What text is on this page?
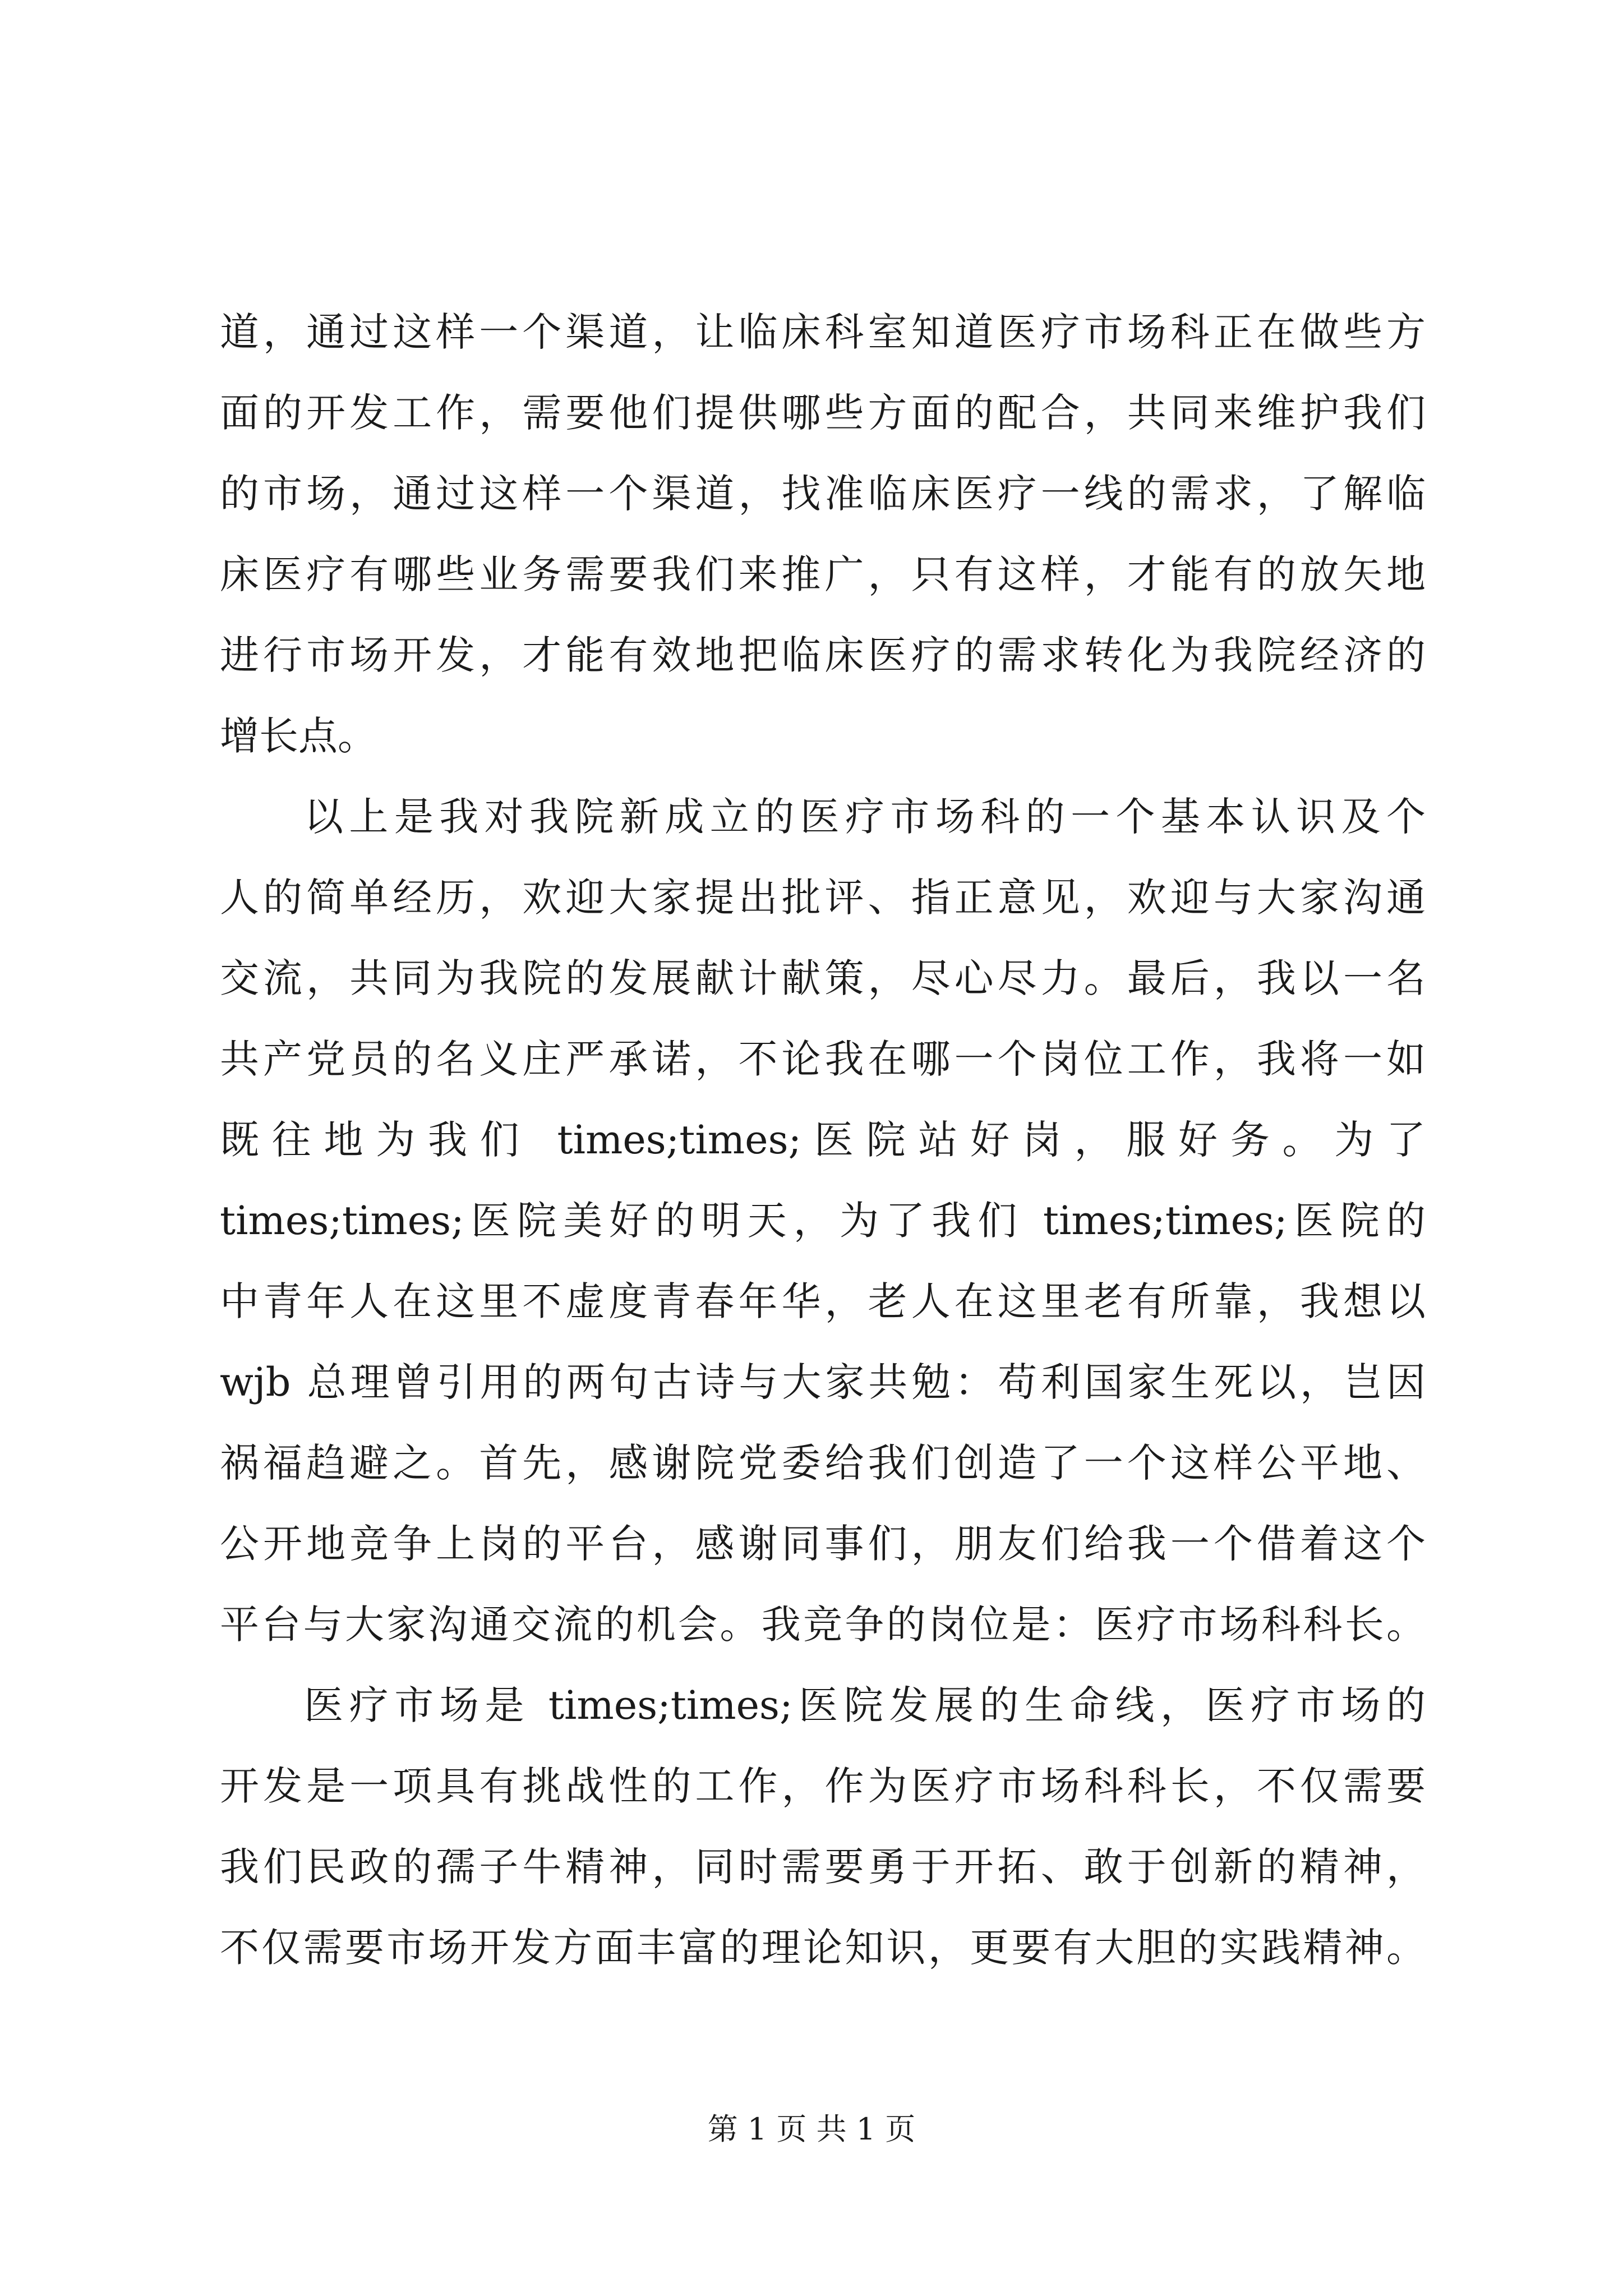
道，通过这样一个渠道，让临床科室知道医疗市场科正在做些方
面的开发工作，需要他们提供哪些方面的配合，共同来维护我们
的市场，通过这样一个渠道，找准临床医疗一线的需求，了解临
床医疗有哪些业务需要我们来推广，只有这样，才能有的放矢地
进行市场开发，才能有效地把临床医疗的需求转化为我院经济的
增长点。
以上是我对我院新成立的医疗市场科的一个基本认识及个
人的简单经历，欢迎大家提出批评、指正意见，欢迎与大家沟通
交流，共同为我院的发展献计献策，尽心尽力。最后，我以一名
共产党员的名义庄严承诺，不论我在哪一个岗位工作，我将一如
既往地为我们 times;times;医院站好岗，服好务。为了
times;times;医院美好的明天，为了我们 times;times;医院的
中青年人在这里不虚度青春年华，老人在这里老有所靠，我想以
wjb 总理曾引用的两句古诗与大家共勉：苟利国家生死以，岂因
祸福趋避之。首先，感谢院党委给我们创造了一个这样公平地、
公开地竞争上岗的平台，感谢同事们，朋友们给我一个借着这个
平台与大家沟通交流的机会。我竞争的岗位是：医疗市场科科长。
医疗市场是 times;times;医院发展的生命线，医疗市场的
开发是一项具有挑战性的工作，作为医疗市场科科长，不仅需要
我们民政的孺子牛精神，同时需要勇于开拓、敢于创新的精神，
不仅需要市场开发方面丰富的理论知识，更要有大胆的实践精神。
第 1 页 共 1 页
